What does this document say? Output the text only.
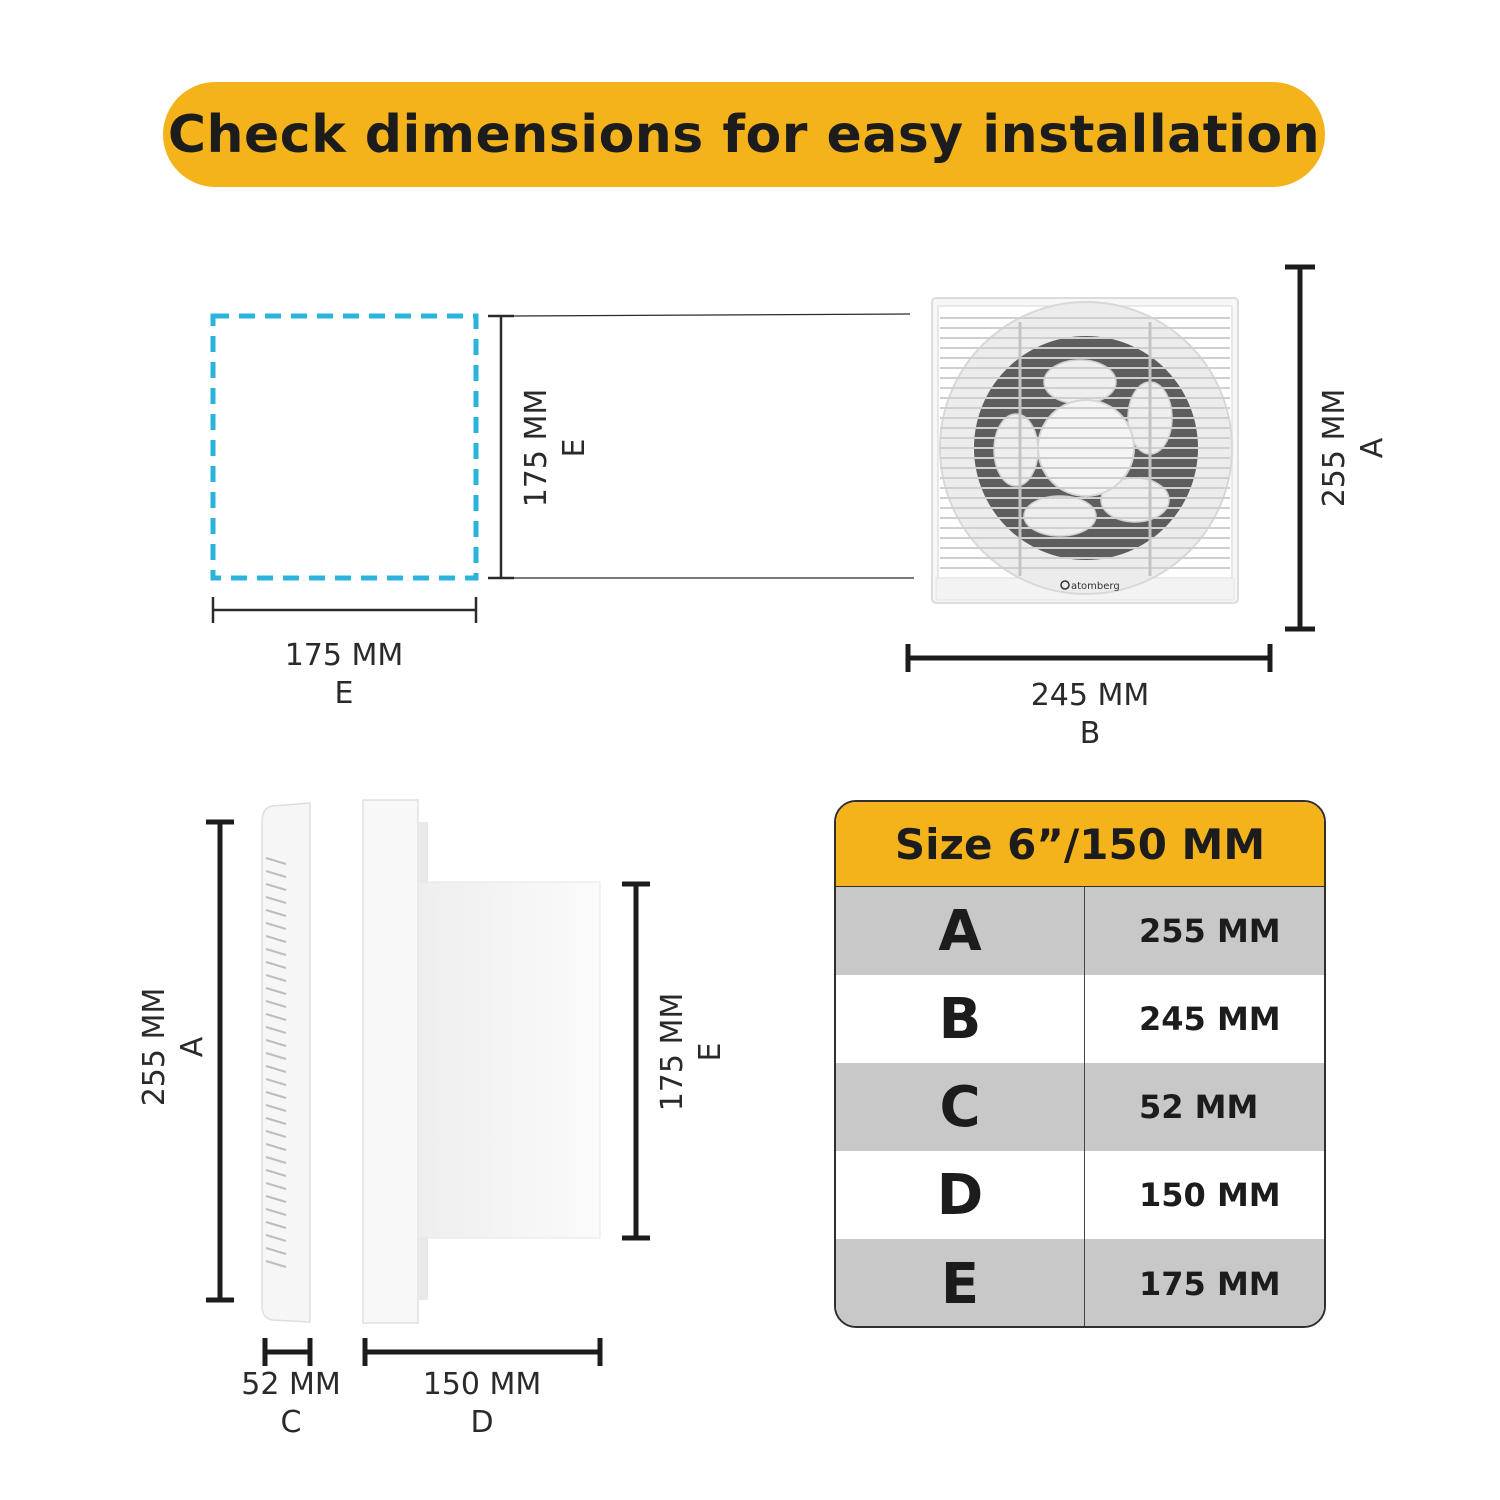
Check dimensions for easy installation
atomberg
175 MM
E
175 MM E	255 MM A
245 MM
B
255 MM A	175 MM E
52 MM
C
150 MM
D
Size 6”/150 MM
A	255 MM
B	245 MM
C	52 MM
D	150 MM
E	175 MM
